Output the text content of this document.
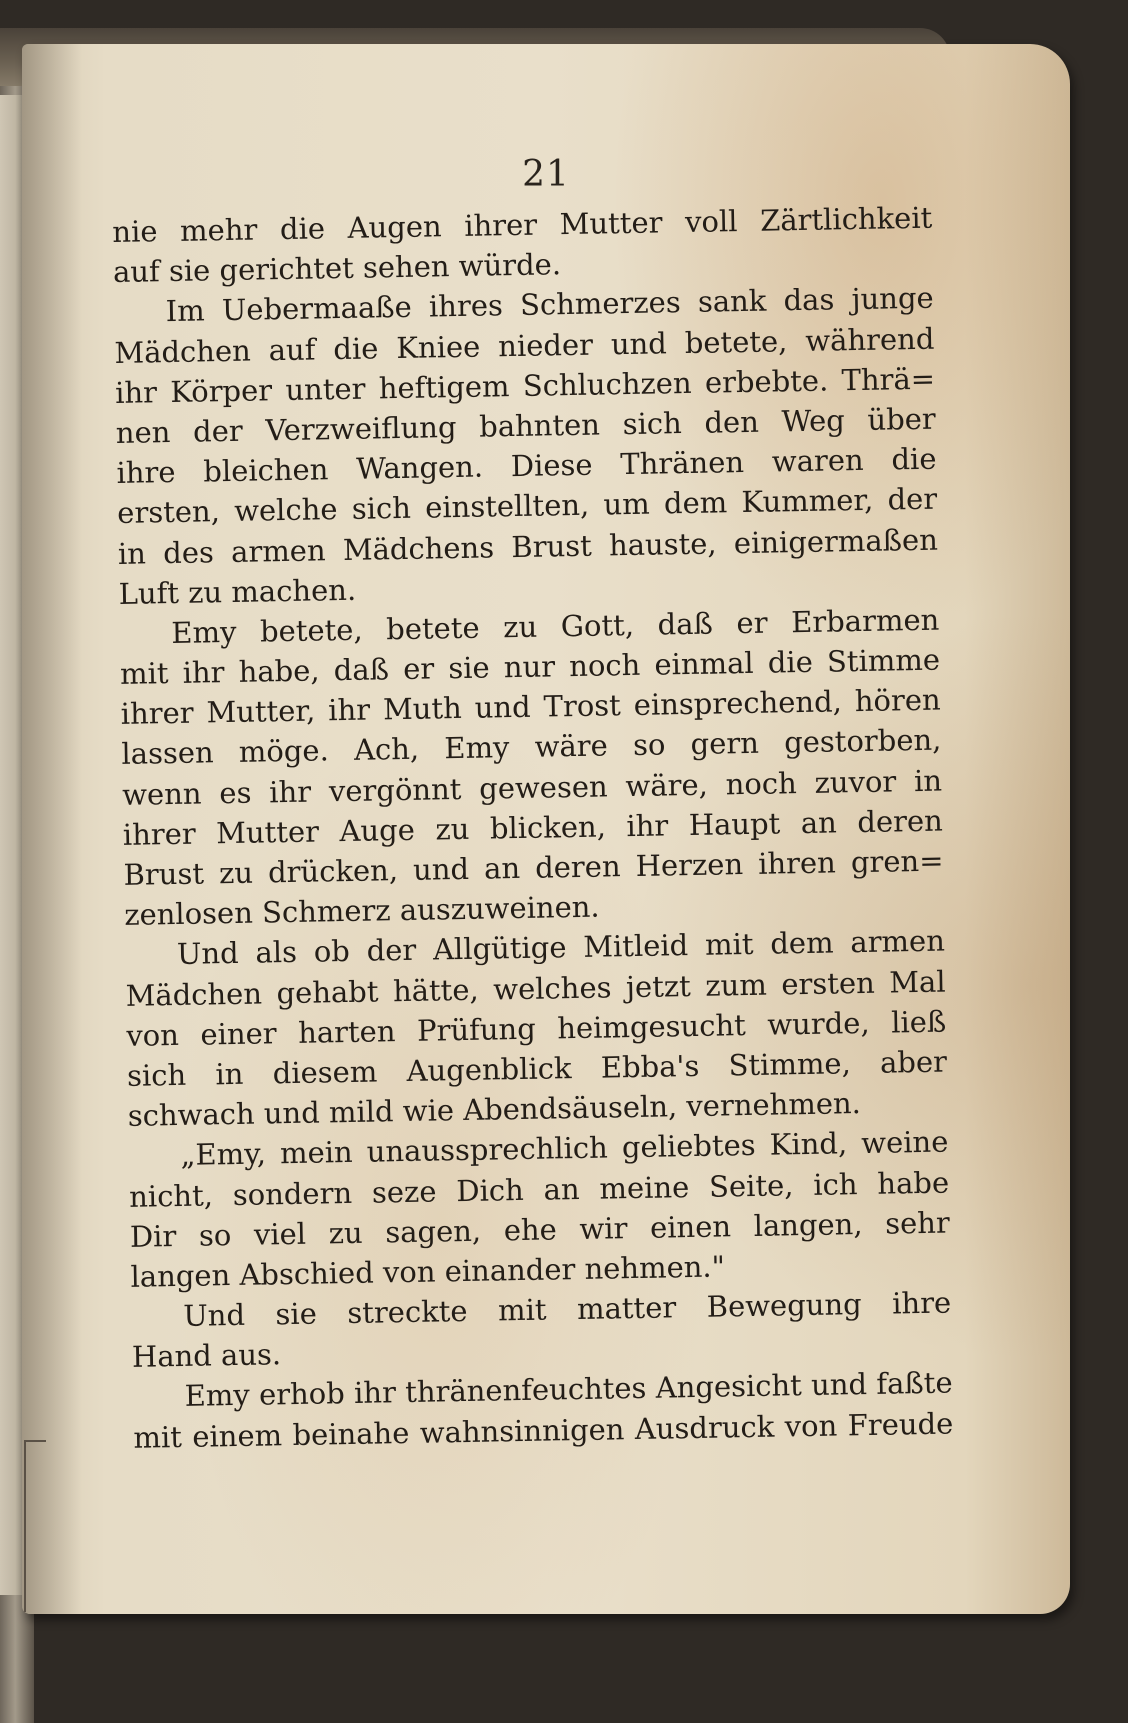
21
nie mehr die Augen ihrer Mutter voll Zärtlichkeit
auf sie gerichtet sehen würde.
Im Uebermaaße ihres Schmerzes sank das junge
Mädchen auf die Kniee nieder und betete, während
ihr Körper unter heftigem Schluchzen erbebte. Thrä=
nen der Verzweiflung bahnten sich den Weg über
ihre bleichen Wangen. Diese Thränen waren die
ersten, welche sich einstellten, um dem Kummer, der
in des armen Mädchens Brust hauste, einigermaßen
Luft zu machen.
Emy betete, betete zu Gott, daß er Erbarmen
mit ihr habe, daß er sie nur noch einmal die Stimme
ihrer Mutter, ihr Muth und Trost einsprechend, hören
lassen möge. Ach, Emy wäre so gern gestorben,
wenn es ihr vergönnt gewesen wäre, noch zuvor in
ihrer Mutter Auge zu blicken, ihr Haupt an deren
Brust zu drücken, und an deren Herzen ihren gren=
zenlosen Schmerz auszuweinen.
Und als ob der Allgütige Mitleid mit dem armen
Mädchen gehabt hätte, welches jetzt zum ersten Mal
von einer harten Prüfung heimgesucht wurde, ließ
sich in diesem Augenblick Ebba's Stimme, aber
schwach und mild wie Abendsäuseln, vernehmen.
„Emy, mein unaussprechlich geliebtes Kind, weine
nicht, sondern seze Dich an meine Seite, ich habe
Dir so viel zu sagen, ehe wir einen langen, sehr
langen Abschied von einander nehmen."
Und sie streckte mit matter Bewegung ihre
Hand aus.
Emy erhob ihr thränenfeuchtes Angesicht und faßte
mit einem beinahe wahnsinnigen Ausdruck von Freude
